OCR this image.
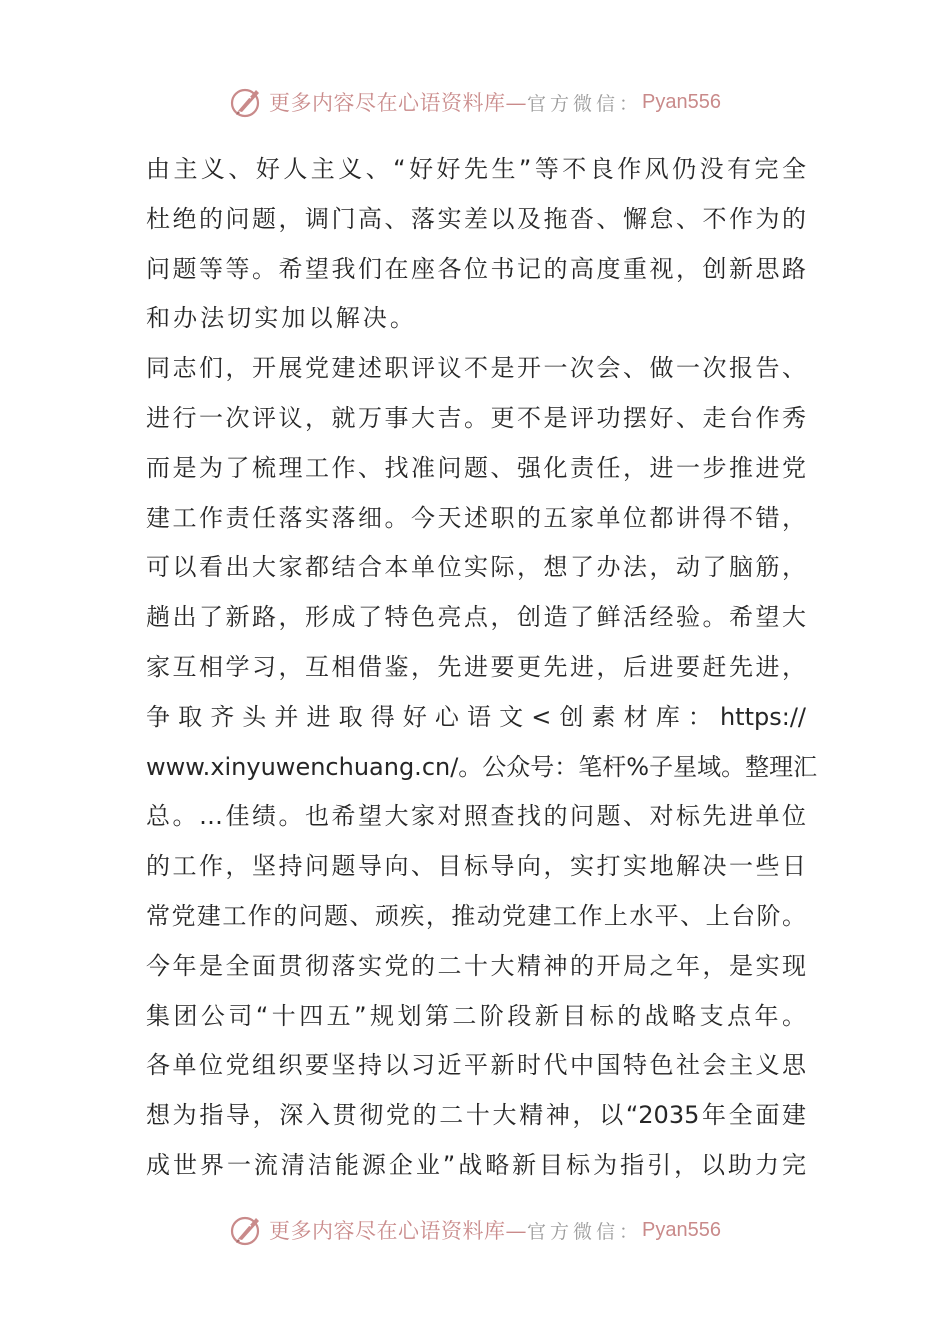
更多内容尽在心语资料库— 官方微信： Pyan556
由主义、好人主义、“好好先生”等不良作风仍没有完全
杜绝的问题，调门高、落实差以及拖沓、懈怠、不作为的
问题等等。希望我们在座各位书记的高度重视，创新思路
和办法切实加以解决。
同志们，开展党建述职评议不是开一次会、做一次报告、
进行一次评议，就万事大吉。更不是评功摆好、走台作秀
而是为了梳理工作、找准问题、强化责任，进一步推进党
建工作责任落实落细。今天述职的五家单位都讲得不错，
可以看出大家都结合本单位实际，想了办法，动了脑筋，
趟出了新路，形成了特色亮点，创造了鲜活经验。希望大
家互相学习，互相借鉴，先进要更先进，后进要赶先进，
争取齐头并进取得好心语文<创素材库：https://
www.xinyuwenchuang.cn/。公众号：笔杆%子星域。整理汇
总。…佳绩。也希望大家对照查找的问题、对标先进单位
的工作，坚持问题导向、目标导向，实打实地解决一些日
常党建工作的问题、顽疾，推动党建工作上水平、上台阶。
今年是全面贯彻落实党的二十大精神的开局之年，是实现
集团公司“十四五”规划第二阶段新目标的战略支点年。
各单位党组织要坚持以习近平新时代中国特色社会主义思
想为指导，深入贯彻党的二十大精神，以“2035年全面建
成世界一流清洁能源企业”战略新目标为指引，以助力完
更多内容尽在心语资料库— 官方微信： Pyan556
